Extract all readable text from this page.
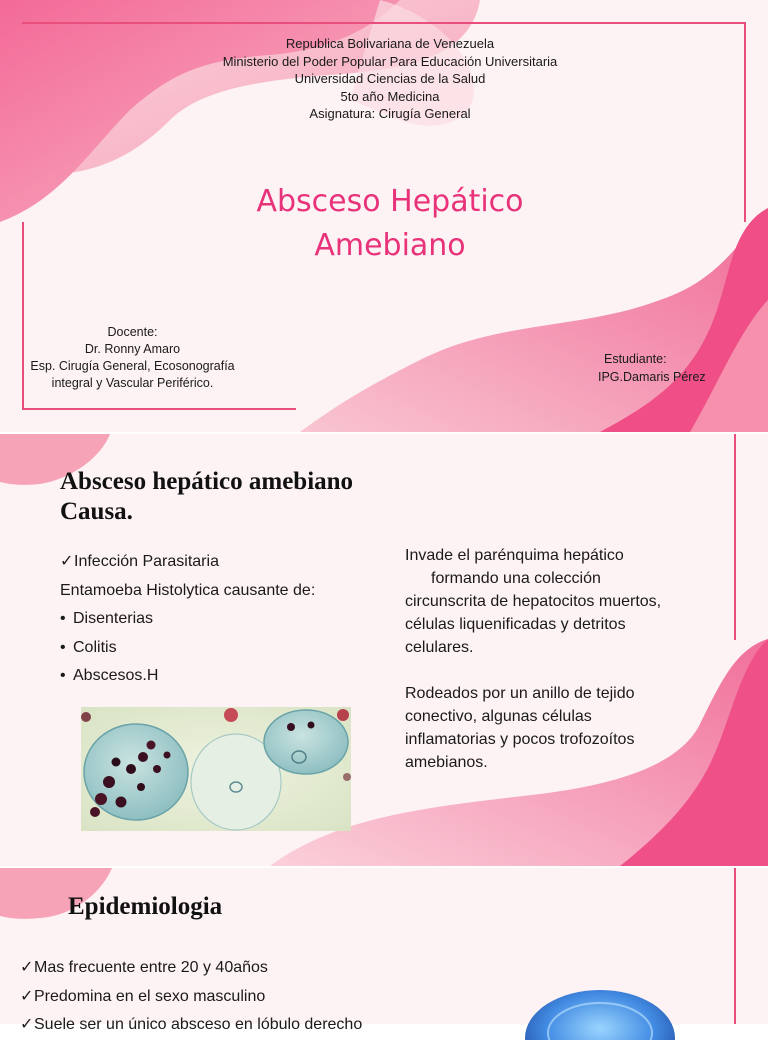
Republica Bolivariana de Venezuela
Ministerio del Poder Popular Para Educación Universitaria
Universidad Ciencias de la Salud
5to año Medicina
Asignatura: Cirugía General
Absceso Hepático
Amebiano
Docente:
Dr. Ronny Amaro
Esp. Cirugía General, Ecosonografía
integral y Vascular Periférico.
Estudiante:
IPG.Damaris Pérez
Absceso hepático amebiano
Causa.
✓Infección Parasitaria
Entamoeba Histolytica causante de:
• Disenterias
• Colitis
• Abscesos.H

Invade el parénquima hepático
formando una colección
circunscrita de hepatocitos muertos,
células liquenificadas y detritos
celulares.

Rodeados por un anillo de tejido
conectivo, algunas células
inflamatorias y pocos trofozoítos
amebianos.

Epidemiologia
✓Mas frecuente entre 20 y 40años
✓Predomina en el sexo masculino
✓Suele ser un único absceso en lóbulo derecho
